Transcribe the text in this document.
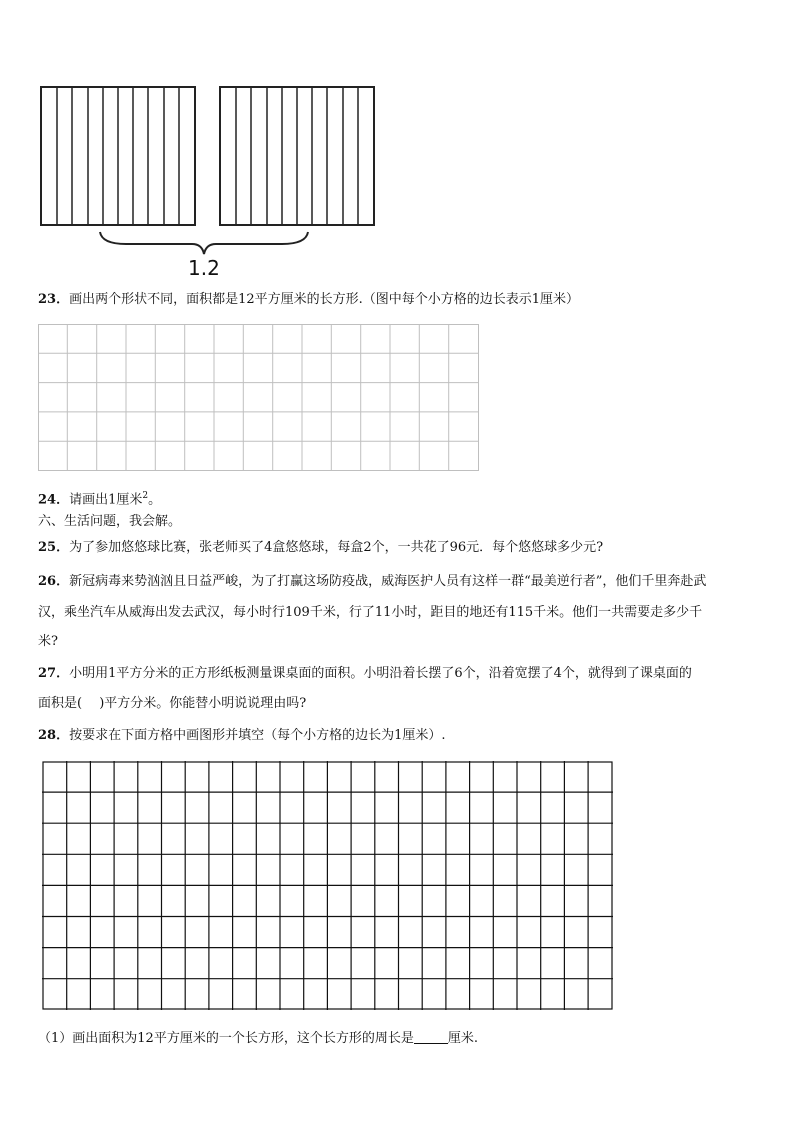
1.2
23．画出两个形状不同，面积都是12平方厘米的长方形.（图中每个小方格的边长表示1厘米）
24．请画出1厘米$^2$。
六、生活问题，我会解。
25．为了参加悠悠球比赛，张老师买了4盒悠悠球，每盒2个，一共花了96元．每个悠悠球多少元?
26．新冠病毒来势汹汹且日益严峻，为了打赢这场防疫战，威海医护人员有这样一群“最美逆行者”，他们千里奔赴武
汉，乘坐汽车从威海出发去武汉，每小时行109千米，行了11小时，距目的地还有115千米。他们一共需要走多少千
米?
27．小明用1平方分米的正方形纸板测量课桌面的面积。小明沿着长摆了6个，沿着宽摆了4个，就得到了课桌面的
面积是(　 )平方分米。你能替小明说说理由吗?
28．按要求在下面方格中画图形并填空（每个小方格的边长为1厘米）.
（1）画出面积为12平方厘米的一个长方形，这个长方形的周长是	厘米.
